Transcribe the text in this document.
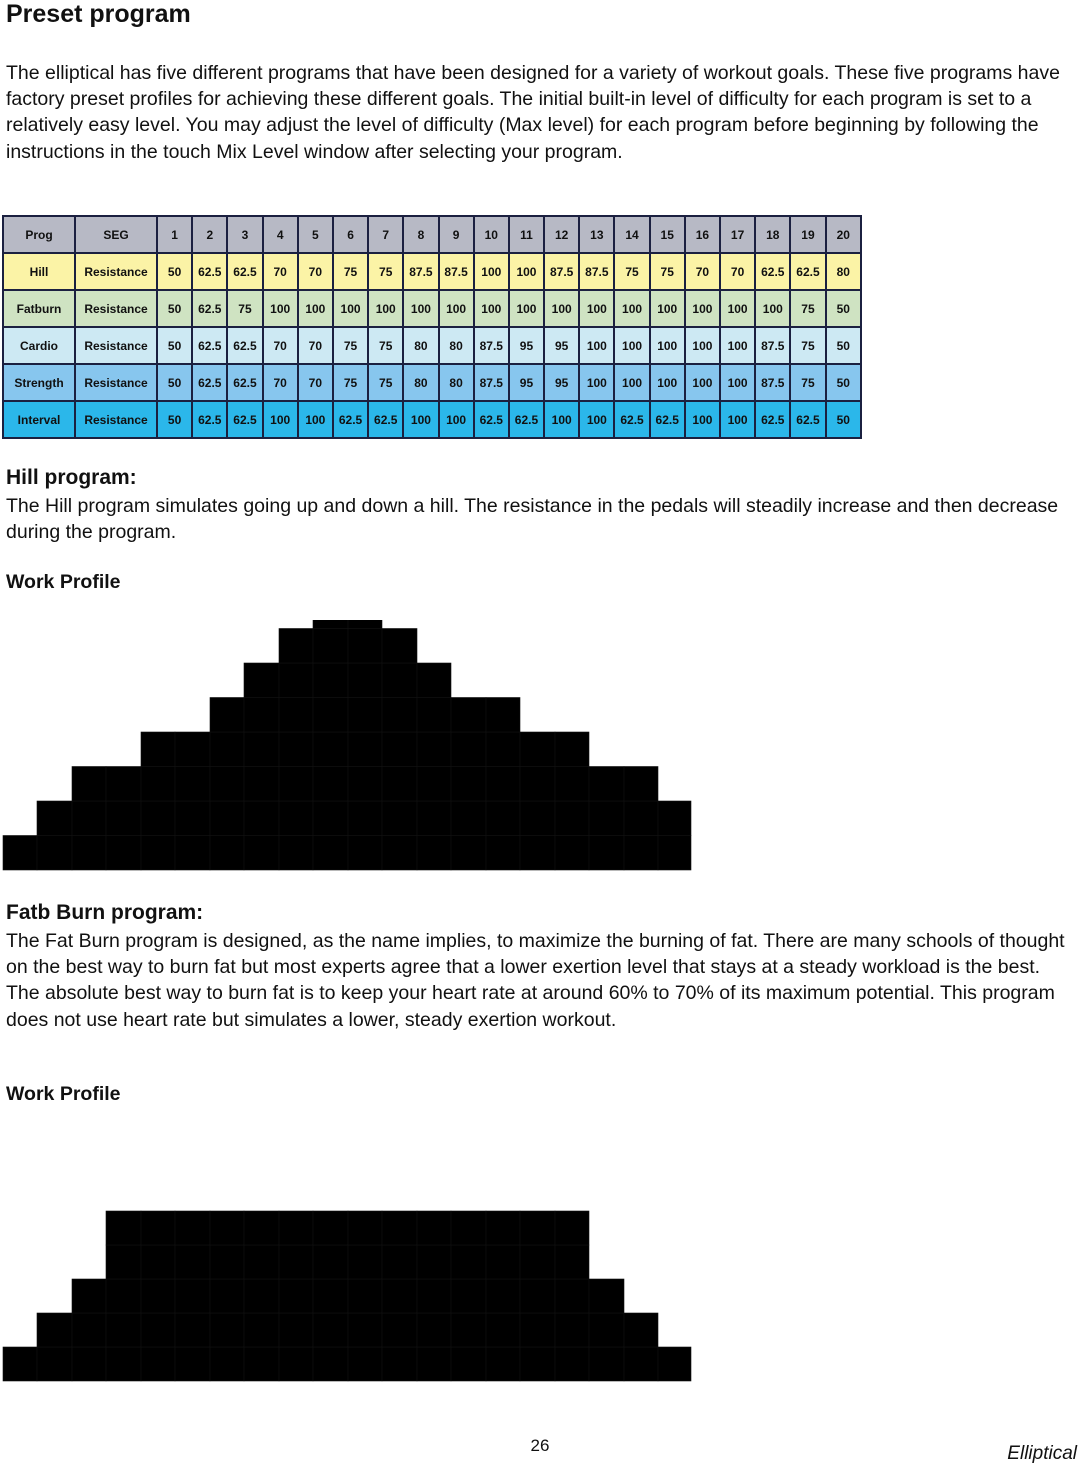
Preset program

The elliptical has five different programs that have been designed for a variety of workout goals. These five programs have factory preset profiles for achieving these different goals. The initial built-in level of difficulty for each program is set to a relatively easy level. You may adjust the level of difficulty (Max level) for each program before beginning by following the instructions in the touch Mix Level window after selecting your program.

Prog	SEG	1	2	3	4	5	6	7	8	9	10	11	12	13	14	15	16	17	18	19	20
Hill	Resistance	50	62.5	62.5	70	70	75	75	87.5	87.5	100	100	87.5	87.5	75	75	70	70	62.5	62.5	80
Fatburn	Resistance	50	62.5	75	100	100	100	100	100	100	100	100	100	100	100	100	100	100	100	75	50
Cardio	Resistance	50	62.5	62.5	70	70	75	75	80	80	87.5	95	95	100	100	100	100	100	87.5	75	50
Strength	Resistance	50	62.5	62.5	70	70	75	75	80	80	87.5	95	95	100	100	100	100	100	87.5	75	50
Interval	Resistance	50	62.5	62.5	100	100	62.5	62.5	100	100	62.5	62.5	100	100	62.5	62.5	100	100	62.5	62.5	50
Hill program:

The Hill program simulates going up and down a hill. The resistance in the pedals will steadily increase and then decrease during the program.

Work Profile
Fatb Burn program:

The Fat Burn program is designed, as the name implies, to maximize the burning of fat. There are many schools of thought on the best way to burn fat but most experts agree that a lower exertion level that stays at a steady workload is the best. The absolute best way to burn fat is to keep your heart rate at around 60% to 70% of its maximum potential. This program does not use heart rate but simulates a lower, steady exertion workout.

Work Profile
26	Elliptical
